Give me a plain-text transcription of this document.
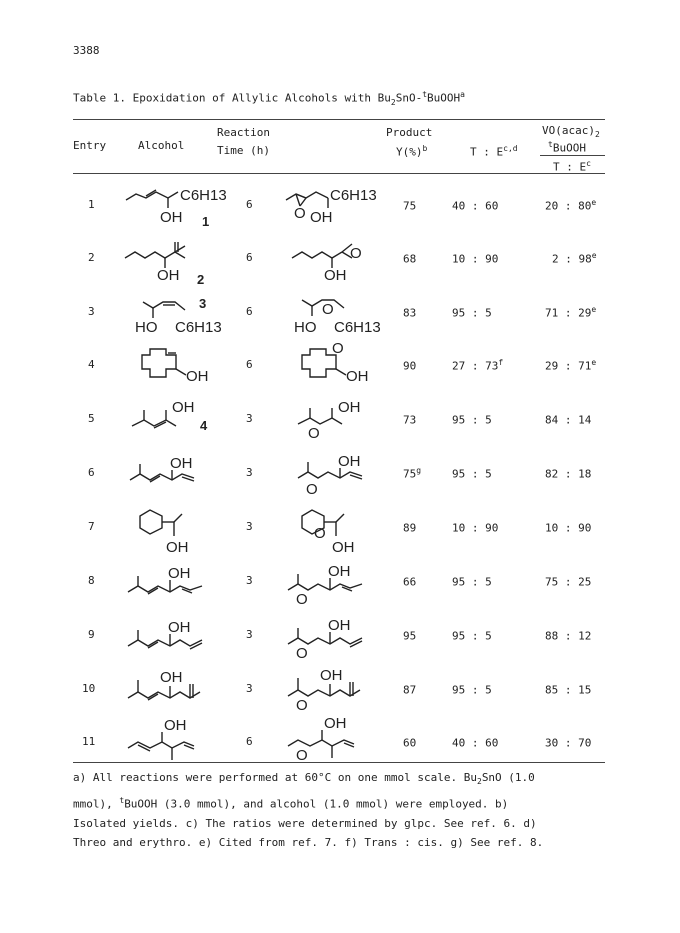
3388
Table 1. Epoxidation of Allylic Alcohols with $Bu_2SnO-^tBuOOH^a$
Entry	Alcohol
Reaction
Time (h)
Product
Y(%)$^b$	T : E$^{c,d}$
$VO(acac)_2$
$^t$BuOOH
T : $E^c$
1	6	75	40 : 60	20 : 80e
2	6	68	10 : 90	2 : 98e
3	6	83	95 : 5	71 : 29e
4	6	90	27 : 73$^f$	29 : 71e
5	3	73	95 : 5	84 : 14
6	3	75$^g$	95 : 5	82 : 18
7	3	89	10 : 90	10 : 90
8	3	66	95 : 5	75 : 25
9	3	95	95 : 5	88 : 12
10	3	87	95 : 5	85 : 15
11	6	60	40 : 60	30 : 70
C6H13
OH 1
OH 2
HO C6H13
3
OH
OH
4
OH
OH
OH
OH
OH
OH
C6H13
O OH
O
OH
O
HO C6H13
O
OH
O
OH
O
OH
O
OH
O
OH
O
OH
O
OH
O
OH
a) All reactions were performed at 60°C on one mmol scale. $Bu_2SnO$ (1.0
mmol), $^t$BuOOH (3.0 mmol), and alcohol (1.0 mmol) were employed. b)
Isolated yields. c) The ratios were determined by glpc. See ref. 6. d)
Threo and erythro. e) Cited from ref. 7. f) Trans : cis. g) See ref. 8.
